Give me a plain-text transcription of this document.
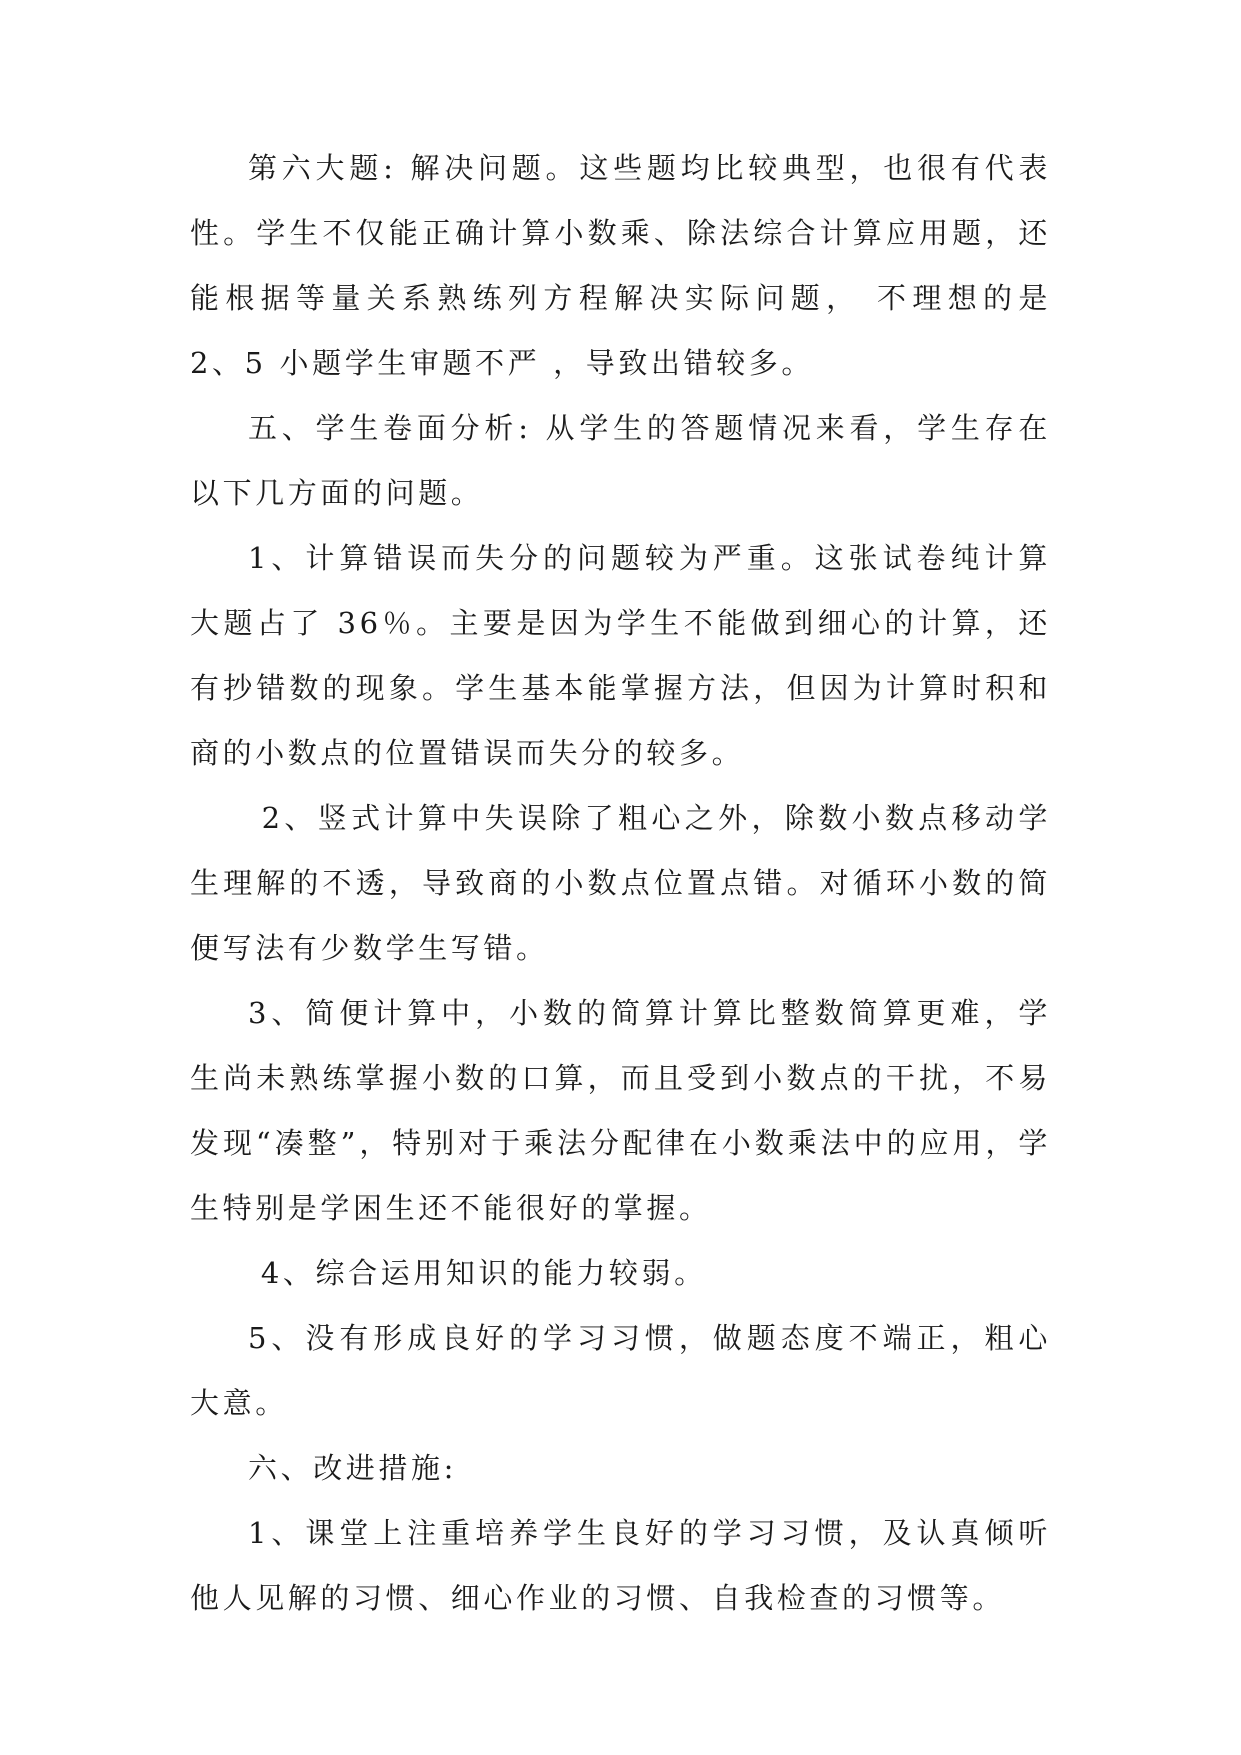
第六大题: 解决问题。这些题均比较典型，也很有代表性。学生不仅能正确计算小数乘、除法综合计算应用题，还能根据等量关系熟练列方程解决实际问题， 不理想的是 2、5 小题学生审题不严 ，导致出错较多。

五、学生卷面分析: 从学生的答题情况来看，学生存在以下几方面的问题。

1、计算错误而失分的问题较为严重。这张试卷纯计算大题占了 36％。主要是因为学生不能做到细心的计算，还有抄错数的现象。学生基本能掌握方法，但因为计算时积和商的小数点的位置错误而失分的较多。

2、竖式计算中失误除了粗心之外，除数小数点移动学生理解的不透，导致商的小数点位置点错。对循环小数的简便写法有少数学生写错。

3、简便计算中，小数的简算计算比整数简算更难，学生尚未熟练掌握小数的口算，而且受到小数点的干扰，不易发现“凑整”，特别对于乘法分配律在小数乘法中的应用，学生特别是学困生还不能很好的掌握。

4、综合运用知识的能力较弱。

5、没有形成良好的学习习惯，做题态度不端正，粗心大意。

六、改进措施:

1、课堂上注重培养学生良好的学习习惯，及认真倾听他人见解的习惯、细心作业的习惯、自我检查的习惯等。
